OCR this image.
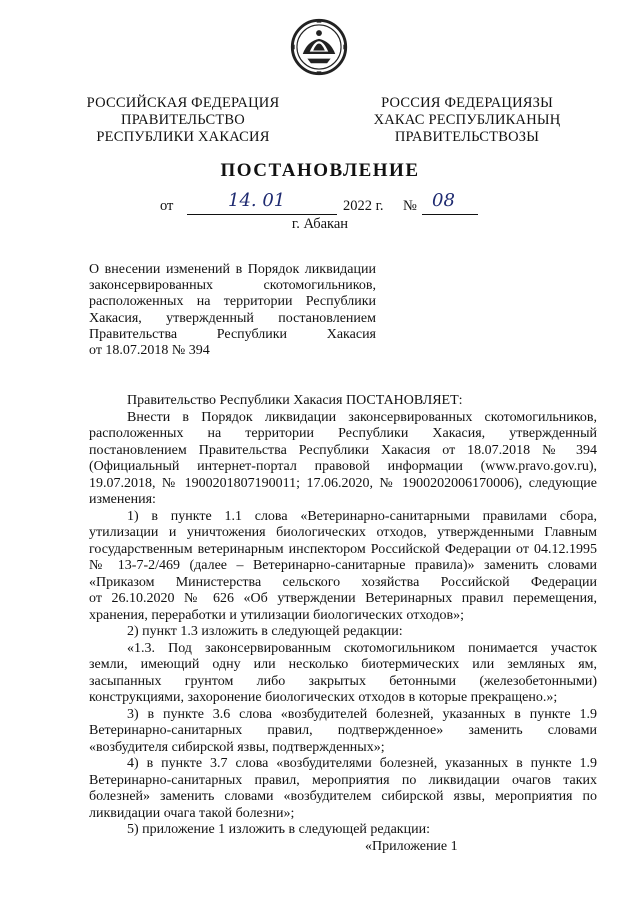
РОССИЙСКАЯ ФЕДЕРАЦИЯ
ПРАВИТЕЛЬСТВО
РЕСПУБЛИКИ ХАКАСИЯ
РОССИЯ ФЕДЕРАЦИЯЗЫ
ХАКАС РЕСПУБЛИКАНЫҢ
ПРАВИТЕЛЬСТВОЗЫ
ПОСТАНОВЛЕНИЕ
от	14. 01	2022 г. № 08
г. Абакан
О внесении изменений в Порядок ликвидации
законсервированных скотомогильников,
расположенных на территории Республики
Хакасия, утвержденный постановлением
Правительства Республики Хакасия
от 18.07.2018 № 394
Правительство Республики Хакасия ПОСТАНОВЛЯЕТ:
Внести в Порядок ликвидации законсервированных скотомогильников,
расположенных на территории Республики Хакасия, утвержденный
постановлением Правительства Республики Хакасия от 18.07.2018 № 394
(Официальный интернет-портал правовой информации (www.pravo.gov.ru),
19.07.2018, № 1900201807190011; 17.06.2020, № 1900202006170006), следующие
изменения:
1) в пункте 1.1 слова «Ветеринарно-санитарными правилами сбора,
утилизации и уничтожения биологических отходов, утвержденными Главным
государственным ветеринарным инспектором Российской Федерации от 04.12.1995
№ 13-7-2/469 (далее – Ветеринарно-санитарные правила)» заменить словами
«Приказом Министерства сельского хозяйства Российской Федерации
от 26.10.2020 № 626 «Об утверждении Ветеринарных правил перемещения,
хранения, переработки и утилизации биологических отходов»;
2) пункт 1.3 изложить в следующей редакции:
«1.3. Под законсервированным скотомогильником понимается участок
земли, имеющий одну или несколько биотермических или земляных ям,
засыпанных грунтом либо закрытых бетонными (железобетонными)
конструкциями, захоронение биологических отходов в которые прекращено.»;
3) в пункте 3.6 слова «возбудителей болезней, указанных в пункте 1.9
Ветеринарно-санитарных правил, подтвержденное» заменить словами
«возбудителя сибирской язвы, подтвержденных»;
4) в пункте 3.7 слова «возбудителями болезней, указанных в пункте 1.9
Ветеринарно-санитарных правил, мероприятия по ликвидации очагов таких
болезней» заменить словами «возбудителем сибирской язвы, мероприятия по
ликвидации очага такой болезни»;
5) приложение 1 изложить в следующей редакции:
«Приложение 1
